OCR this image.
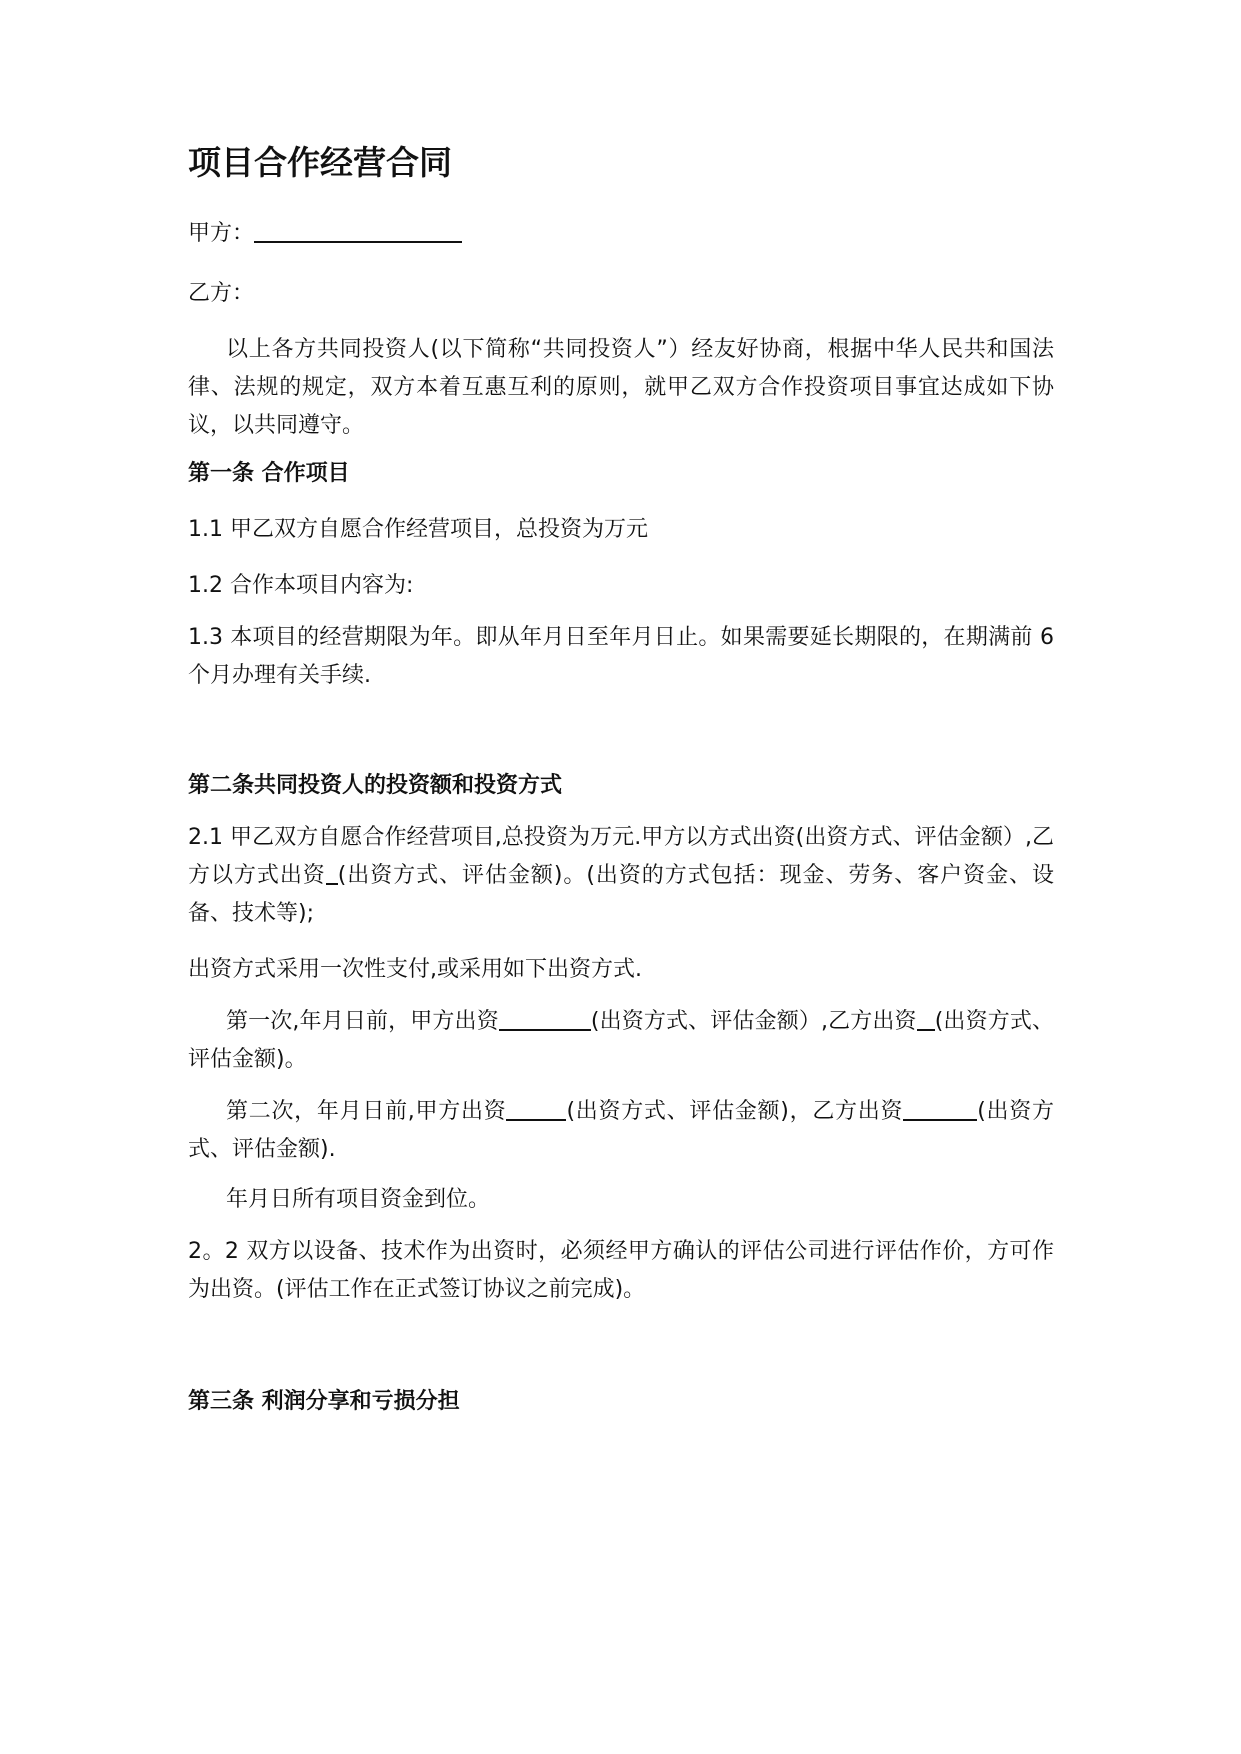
项目合作经营合同
甲方：
乙方：
以上各方共同投资人(以下简称“共同投资人”）经友好协商，根据中华人民共和国法律、法规的规定，双方本着互惠互利的原则，就甲乙双方合作投资项目事宜达成如下协议，以共同遵守。
第一条 合作项目
1.1 甲乙双方自愿合作经营项目，总投资为万元
1.2 合作本项目内容为:
1.3 本项目的经营期限为年。即从年月日至年月日止。如果需要延长期限的，在期满前 6 个月办理有关手续.
第二条共同投资人的投资额和投资方式
2.1 甲乙双方自愿合作经营项目,总投资为万元.甲方以方式出资(出资方式、评估金额）,乙方以方式出资 (出资方式、评估金额)。(出资的方式包括：现金、劳务、客户资金、设备、技术等);
出资方式采用一次性支付,或采用如下出资方式.
第一次,年月日前，甲方出资	(出资方式、评估金额）,乙方出资 (出资方式、评估金额)。
第二次，年月日前,甲方出资	(出资方式、评估金额)，乙方出资	(出资方式、评估金额).
年月日所有项目资金到位。
2。2 双方以设备、技术作为出资时，必须经甲方确认的评估公司进行评估作价，方可作为出资。(评估工作在正式签订协议之前完成)。
第三条 利润分享和亏损分担
